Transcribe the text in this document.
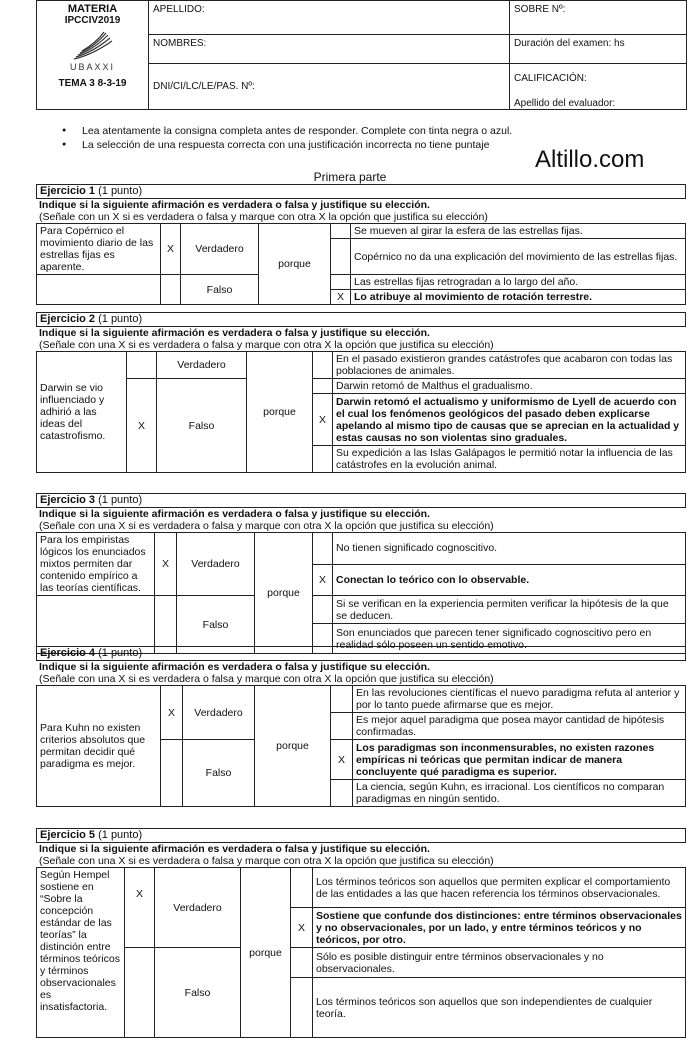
MATERIA
IPCCIV2019
UBAXXI
TEMA 3 8-3-19	APELLIDO:	SOBRE Nº:
	NOMBRES:	Duración del examen: hs
	DNI/CI/LC/LE/PAS. Nº:	CALIFICACIÓN:
Apellido del evaluador:
● Lea atentamente la consigna completa antes de responder. Complete con tinta negra o azul.
● La selección de una respuesta correcta con una justificación incorrecta no tiene puntaje
Altillo.com
Primera parte
Ejercicio 1 (1 punto)
Indique si la siguiente afirmación es verdadera o falsa y justifique su elección.
(Señale con un X si es verdadera o falsa y marque con otra X la opción que justifica su elección)
Para Copérnico el movimiento diario de las estrellas fijas es aparente.	X	Verdadero	porque		Se mueven al girar la esfera de las estrellas fijas.
					Copérnico no da una explicación del movimiento de las estrellas fijas.

		Falso			Las estrellas fijas retrogradan a lo largo del año.
				X	Lo atribuye al movimiento de rotación terrestre.

Ejercicio 2 (1 punto)
Indique si la siguiente afirmación es verdadera o falsa y justifique su elección.
(Señale con una X si es verdadera o falsa y marque con otra X la opción que justifica su elección)
Darwin se vio influenciado y adhirió a las ideas del catastrofismo.		Verdadero	porque		En el pasado existieron grandes catástrofes que acabaron con todas las poblaciones de animales.
	X	Falso			Darwin retomó de Malthus el gradualismo.
				X	Darwin retomó el actualismo y uniformismo de Lyell de acuerdo con el cual los fenómenos geológicos del pasado deben explicarse apelando al mismo tipo de causas que se aprecian en la actualidad y estas causas no son violentas sino graduales.
					Su expedición a las Islas Galápagos le permitió notar la influencia de las catástrofes en la evolución animal.
Ejercicio 3 (1 punto)
Indique si la siguiente afirmación es verdadera o falsa y justifique su elección.
(Señale con una X si es verdadera o falsa y marque con otra X la opción que justifica su elección)
Para los empiristas lógicos los enunciados mixtos permiten dar contenido empírico a las teorías científicas.	X	Verdadero	porque		No tienen significado cognoscitivo.
				X	Conectan lo teórico con lo observable.
		Falso			Si se verifican en la experiencia permiten verificar la hipótesis de la que se deducen.
					Son enunciados que parecen tener significado cognoscitivo pero en realidad sólo poseen un sentido emotivo.
Ejercicio 4 (1 punto)
Indique si la siguiente afirmación es verdadera o falsa y justifique su elección.
(Señale con una X si es verdadera o falsa y marque con otra X la opción que justifica su elección)
Para Kuhn no existen criterios absolutos que permitan decidir qué paradigma es mejor.	X	Verdadero	porque		En las revoluciones científicas el nuevo paradigma refuta al anterior y por lo tanto puede afirmarse que es mejor.
					Es mejor aquel paradigma que posea mayor cantidad de hipótesis confirmadas.
		Falso		X	Los paradigmas son inconmensurables, no existen razones empíricas ni teóricas que permitan indicar de manera concluyente qué paradigma es superior.
					La ciencia, según Kuhn, es irracional. Los científicos no comparan paradigmas en ningún sentido.
Ejercicio 5 (1 punto)
Indique si la siguiente afirmación es verdadera o falsa y justifique su elección.
(Señale con una X si es verdadera o falsa y marque con otra X la opción que justifica su elección)
Según Hempel sostiene en “Sobre la concepción estándar de las teorías” la distinción entre términos teóricos y términos observacionales es insatisfactoria.	X	Verdadero	porque		Los términos teóricos son aquellos que permiten explicar el comportamiento de las entidades a las que hacen referencia los términos observacionales.
				X	Sostiene que confunde dos distinciones: entre términos observacionales y no observacionales, por un lado, y entre términos teóricos y no teóricos, por otro.
		Falso			Sólo es posible distinguir entre términos observacionales y no observacionales.
					Los términos teóricos son aquellos que son independientes de cualquier teoría.
